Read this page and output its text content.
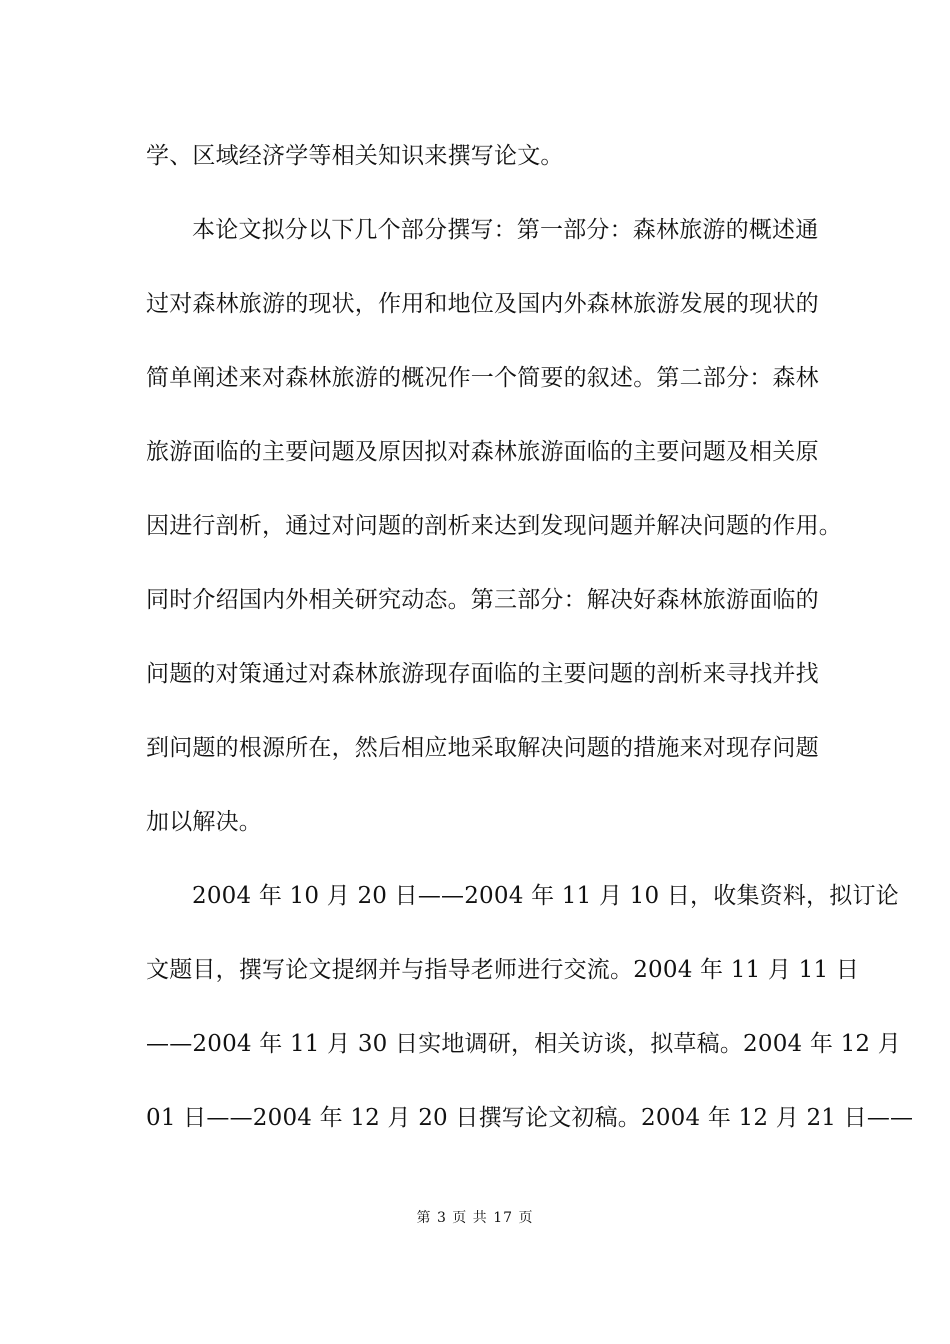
学、区域经济学等相关知识来撰写论文。
本论文拟分以下几个部分撰写：第一部分：森林旅游的概述通
过对森林旅游的现状，作用和地位及国内外森林旅游发展的现状的
简单阐述来对森林旅游的概况作一个简要的叙述。第二部分：森林
旅游面临的主要问题及原因拟对森林旅游面临的主要问题及相关原
因进行剖析，通过对问题的剖析来达到发现问题并解决问题的作用。
同时介绍国内外相关研究动态。第三部分：解决好森林旅游面临的
问题的对策通过对森林旅游现存面临的主要问题的剖析来寻找并找
到问题的根源所在，然后相应地采取解决问题的措施来对现存问题
加以解决。
2004 年 10 月 20 日——2004 年 11 月 10 日，收集资料，拟订论
文题目，撰写论文提纲并与指导老师进行交流。2004 年 11 月 11 日
——2004 年 11 月 30 日实地调研，相关访谈，拟草稿。2004 年 12 月
01 日——2004 年 12 月 20 日撰写论文初稿。2004 年 12 月 21 日——
第 3 页 共 17 页
